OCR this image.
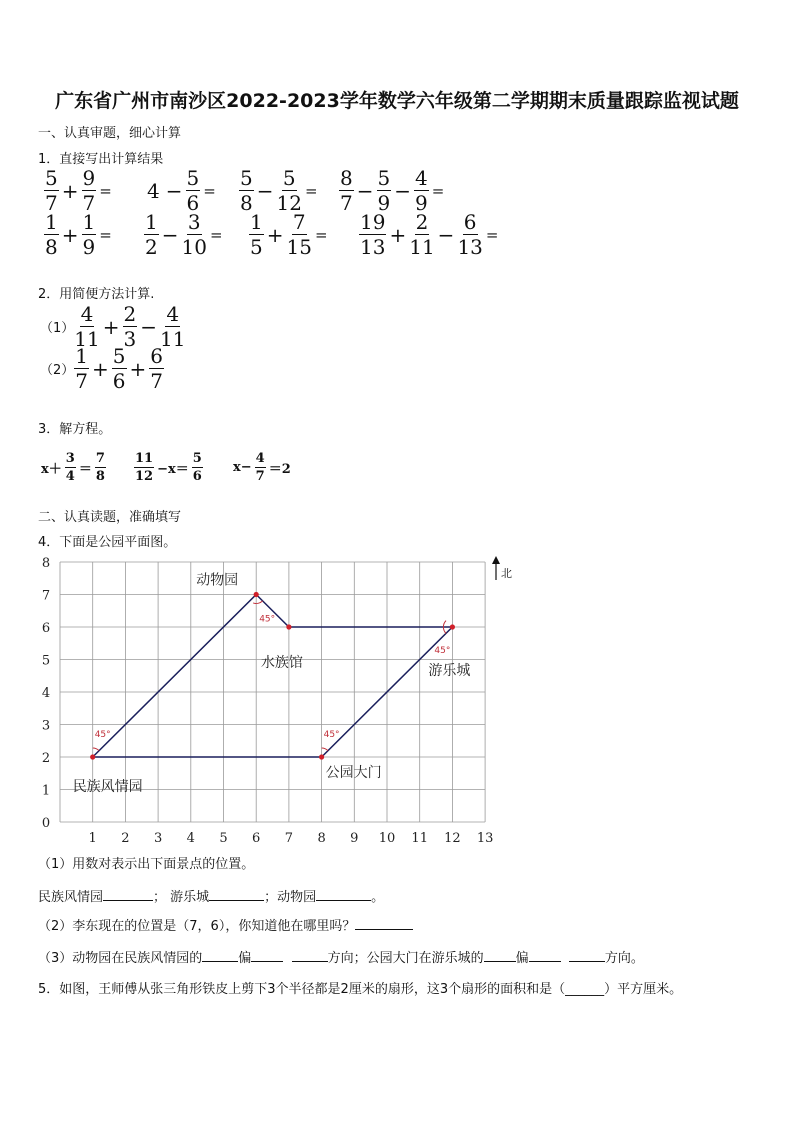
广东省广州市南沙区2022-2023学年数学六年级第二学期期末质量跟踪监视试题
一、认真审题，细心计算
1．直接写出计算结果
$\frac{5}{7} + \frac{9}{7} = 4 - \frac{5}{6} = \frac{5}{8} - \frac{5}{12} = \frac{8}{7} - \frac{5}{9} - \frac{4}{9}$ =
$\frac{1}{8} + \frac{1}{9} = \frac{1}{2} - \frac{3}{10} = \frac{1}{5} + \frac{7}{15} = \frac{19}{13} + \frac{2}{11} - \frac{6}{13}$ =
2．用简便方法计算.
$(1) \frac{4}{11} + \frac{2}{3} - \frac{4}{11}$
$(2) \frac{1}{7} + \frac{5}{6} + \frac{6}{7}$
3．解方程。
$x+ \frac{3}{4} = \frac{7}{8} \frac{11}{12} -x= \frac{5}{6} x- \frac{4}{7} =2$
二、认真读题，准确填写
4．下面是公园平面图。
1 2 3 4 5 6 7 8 9 10 11 12 13
0
1
2
3
4
5
6
7
8
北
45°	45°
45°
45°
民族风情园
动物园
水族馆	游乐城
公园大门
（1）用数对表示出下面景点的位置。
民族风情园	； 游乐城	；动物园	。
（2）李东现在的位置是（7，6），你知道他在哪里吗？
（3）动物园在民族风情园的	偏	方向；公园大门在游乐城的 偏	方向。
5．如图，王师傅从张三角形铁皮上剪下3个半径都是2厘米的扇形，这3个扇形的面积和是（______）平方厘米。
